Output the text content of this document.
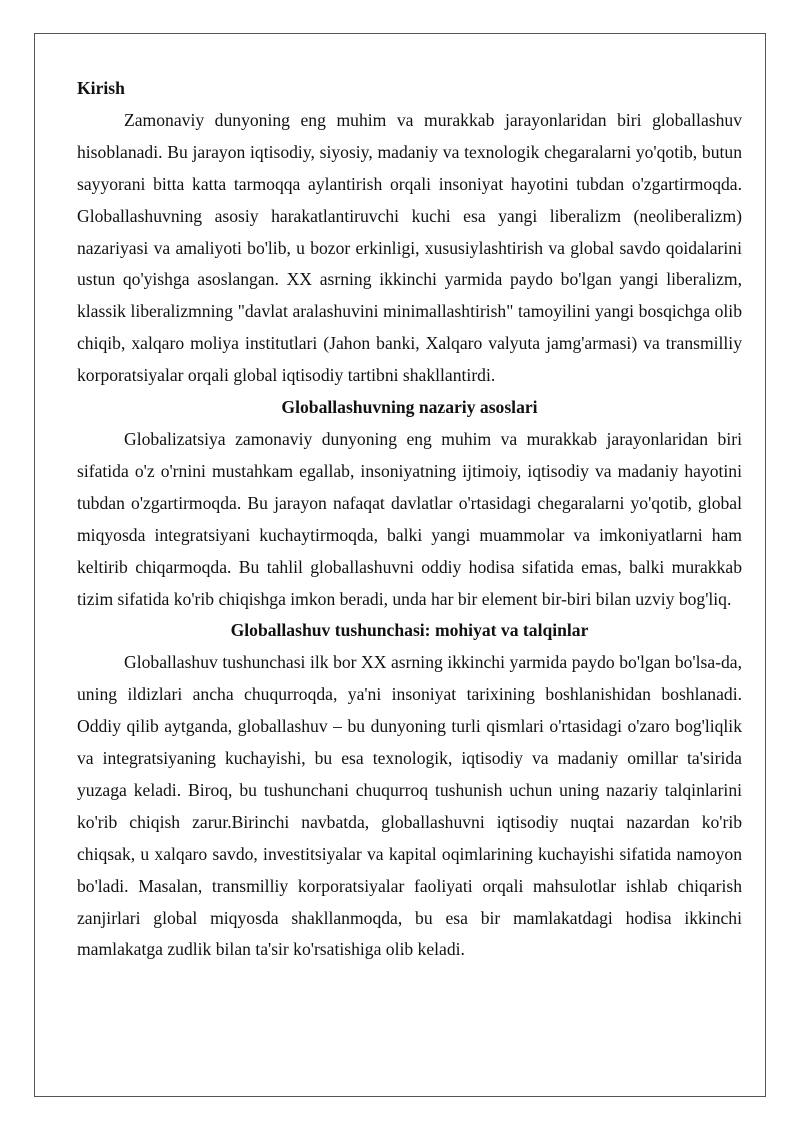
Kirish

Zamonaviy dunyoning eng muhim va murakkab jarayonlaridan biri globallashuv hisoblanadi. Bu jarayon iqtisodiy, siyosiy, madaniy va texnologik chegaralarni yo'qotib, butun sayyorani bitta katta tarmoqqa aylantirish orqali insoniyat hayotini tubdan o'zgartirmoqda. Globallashuvning asosiy harakatlantiruvchi kuchi esa yangi liberalizm (neoliberalizm) nazariyasi va amaliyoti bo'lib, u bozor erkinligi, xususiylashtirish va global savdo qoidalarini ustun qo'yishga asoslangan. XX asrning ikkinchi yarmida paydo bo'lgan yangi liberalizm, klassik liberalizmning "davlat aralashuvini minimallashtirish" tamoyilini yangi bosqichga olib chiqib, xalqaro moliya institutlari (Jahon banki, Xalqaro valyuta jamg'armasi) va transmilliy korporatsiyalar orqali global iqtisodiy tartibni shakllantirdi.

Globallashuvning nazariy asoslari

Globalizatsiya zamonaviy dunyoning eng muhim va murakkab jarayonlaridan biri sifatida o'z o'rnini mustahkam egallab, insoniyatning ijtimoiy, iqtisodiy va madaniy hayotini tubdan o'zgartirmoqda. Bu jarayon nafaqat davlatlar o'rtasidagi chegaralarni yo'qotib, global miqyosda integratsiyani kuchaytirmoqda, balki yangi muammolar va imkoniyatlarni ham keltirib chiqarmoqda. Bu tahlil globallashuvni oddiy hodisa sifatida emas, balki murakkab tizim sifatida ko'rib chiqishga imkon beradi, unda har bir element bir-biri bilan uzviy bog'liq.

Globallashuv tushunchasi: mohiyat va talqinlar

Globallashuv tushunchasi ilk bor XX asrning ikkinchi yarmida paydo bo'lgan bo'lsa-da, uning ildizlari ancha chuqurroqda, ya'ni insoniyat tarixining boshlanishidan boshlanadi. Oddiy qilib aytganda, globallashuv – bu dunyoning turli qismlari o'rtasidagi o'zaro bog'liqlik va integratsiyaning kuchayishi, bu esa texnologik, iqtisodiy va madaniy omillar ta'sirida yuzaga keladi. Biroq, bu tushunchani chuqurroq tushunish uchun uning nazariy talqinlarini ko'rib chiqish zarur.Birinchi navbatda, globallashuvni iqtisodiy nuqtai nazardan ko'rib chiqsak, u xalqaro savdo, investitsiyalar va kapital oqimlarining kuchayishi sifatida namoyon bo'ladi. Masalan, transmilliy korporatsiyalar faoliyati orqali mahsulotlar ishlab chiqarish zanjirlari global miqyosda shakllanmoqda, bu esa bir mamlakatdagi hodisa ikkinchi mamlakatga zudlik bilan ta'sir ko'rsatishiga olib keladi.
